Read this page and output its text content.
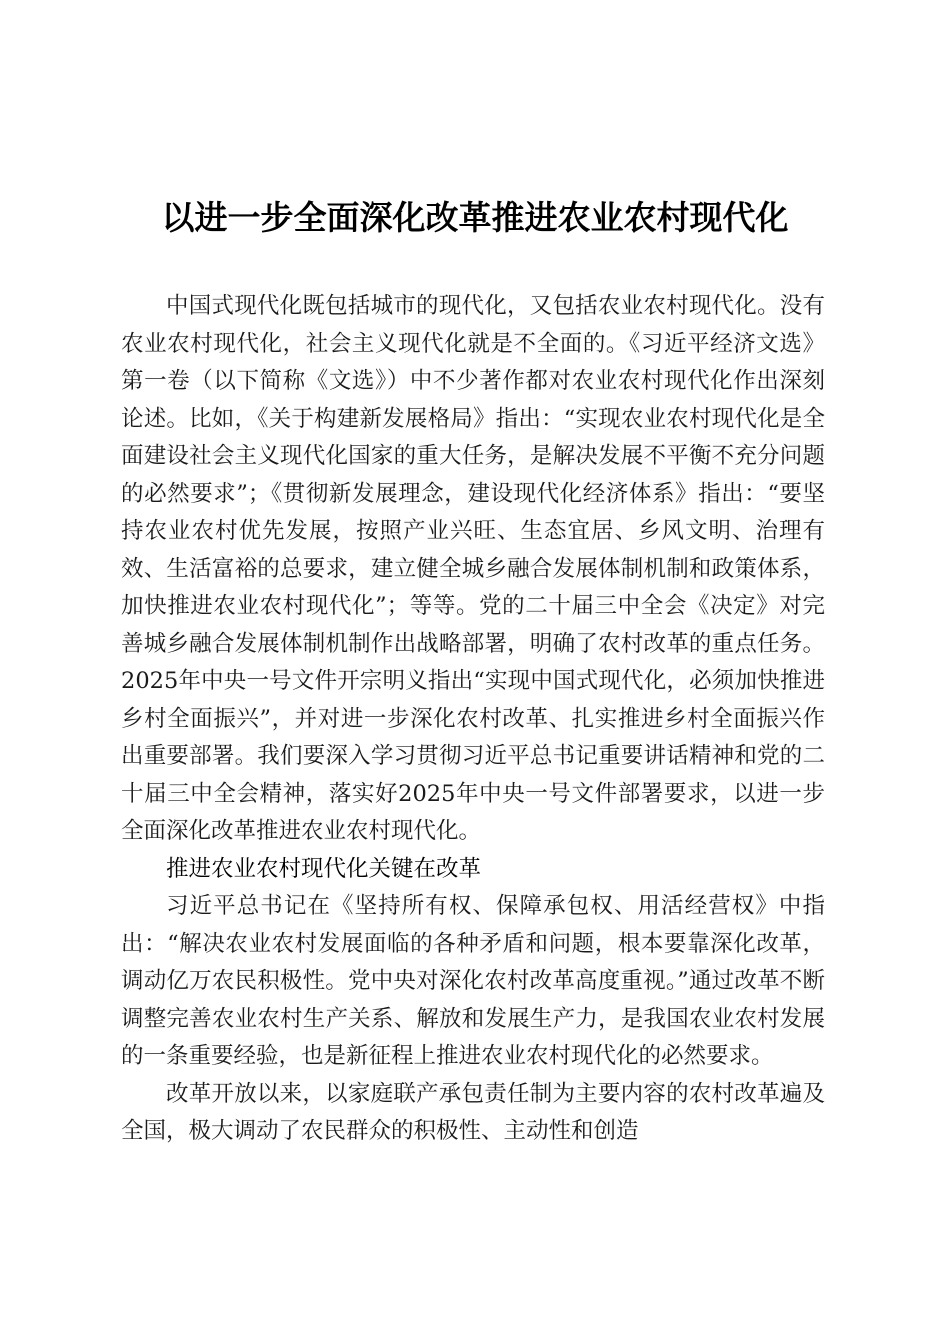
以进一步全面深化改革推进农业农村现代化

中国式现代化既包括城市的现代化，又包括农业农村现代化。没有农业农村现代化，社会主义现代化就是不全面的。《习近平经济文选》第一卷（以下简称《文选》）中不少著作都对农业农村现代化作出深刻论述。比如，《关于构建新发展格局》指出：“实现农业农村现代化是全面建设社会主义现代化国家的重大任务，是解决发展不平衡不充分问题的必然要求”；《贯彻新发展理念，建设现代化经济体系》指出：“要坚持农业农村优先发展，按照产业兴旺、生态宜居、乡风文明、治理有效、生活富裕的总要求，建立健全城乡融合发展体制机制和政策体系，加快推进农业农村现代化”；等等。党的二十届三中全会《决定》对完善城乡融合发展体制机制作出战略部署，明确了农村改革的重点任务。2025年中央一号文件开宗明义指出“实现中国式现代化，必须加快推进乡村全面振兴”，并对进一步深化农村改革、扎实推进乡村全面振兴作出重要部署。我们要深入学习贯彻习近平总书记重要讲话精神和党的二十届三中全会精神，落实好2025年中央一号文件部署要求，以进一步全面深化改革推进农业农村现代化。

推进农业农村现代化关键在改革

习近平总书记在《坚持所有权、保障承包权、用活经营权》中指出：“解决农业农村发展面临的各种矛盾和问题，根本要靠深化改革，调动亿万农民积极性。党中央对深化农村改革高度重视。”通过改革不断调整完善农业农村生产关系、解放和发展生产力，是我国农业农村发展的一条重要经验，也是新征程上推进农业农村现代化的必然要求。

改革开放以来，以家庭联产承包责任制为主要内容的农村改革遍及全国，极大调动了农民群众的积极性、主动性和创造
